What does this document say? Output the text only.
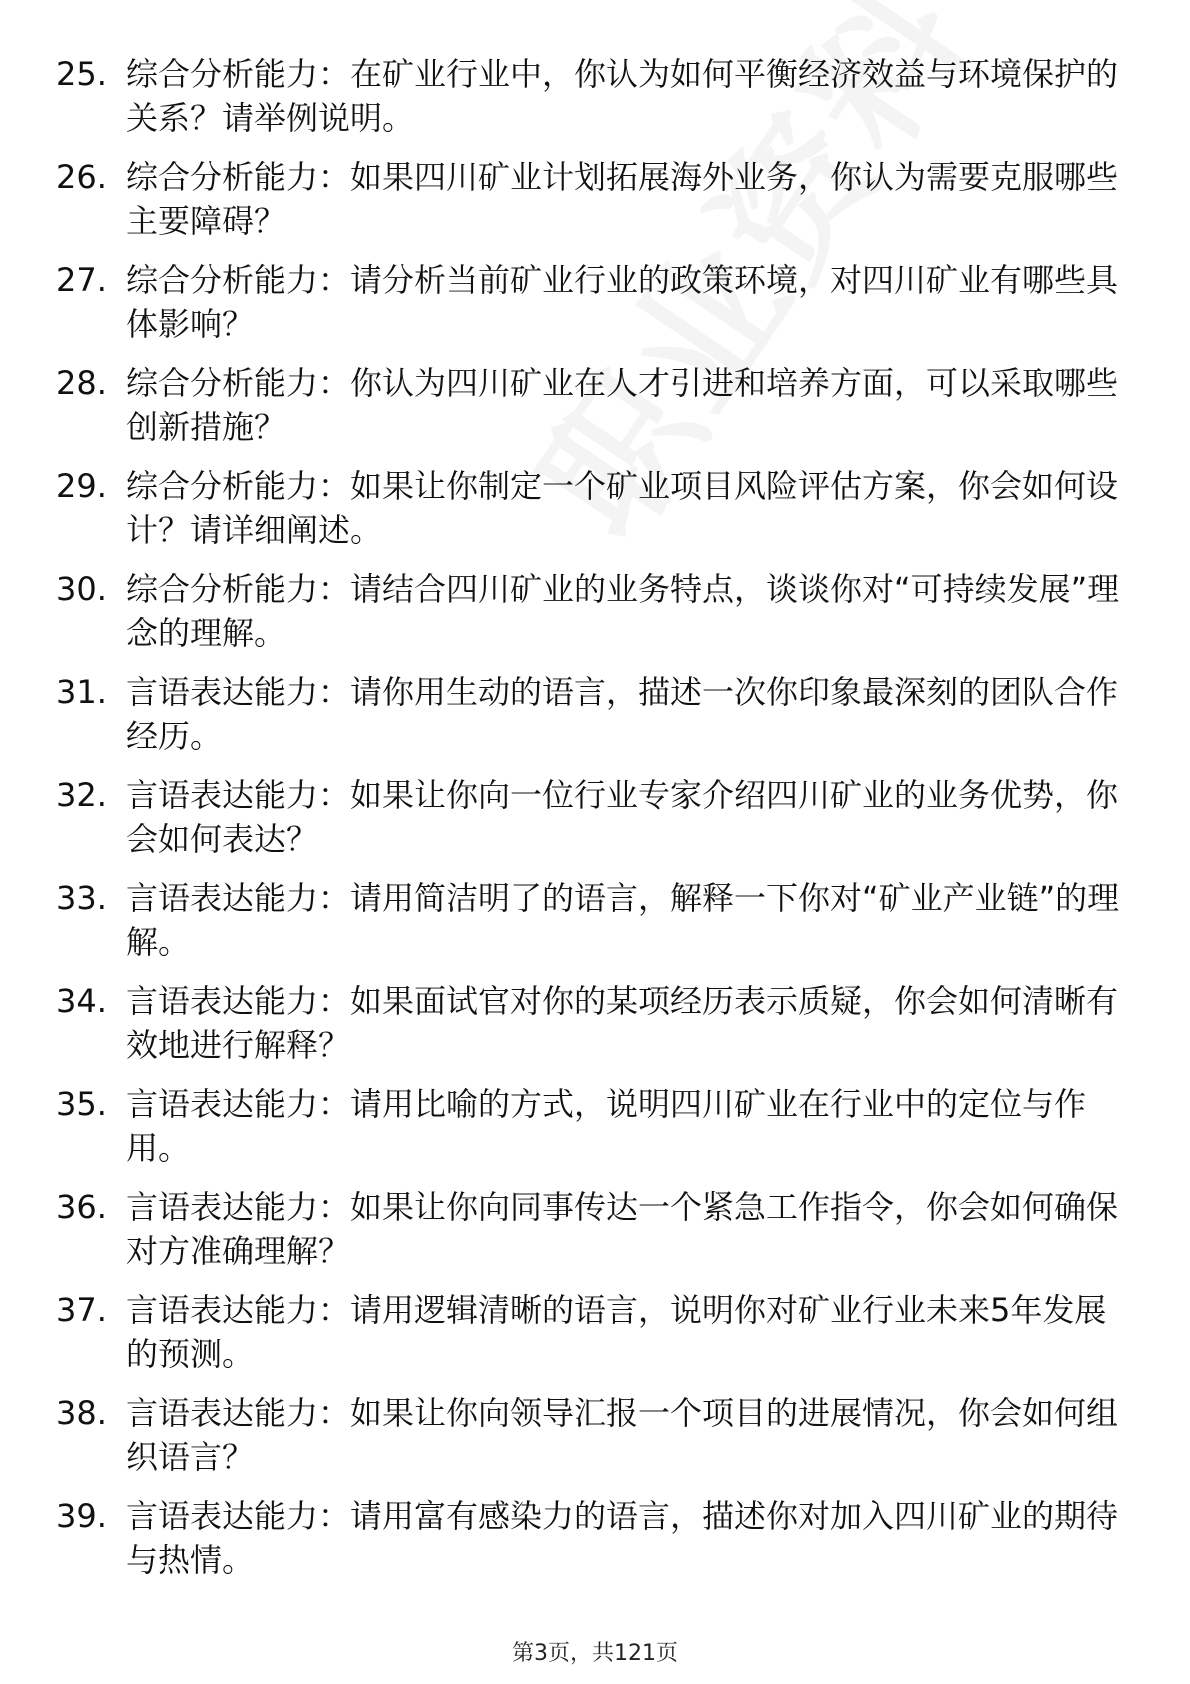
25. 综合分析能力：在矿业行业中，你认为如何平衡经济效益与环境保护的关系？请举例说明。
26. 综合分析能力：如果四川矿业计划拓展海外业务，你认为需要克服哪些主要障碍？
27. 综合分析能力：请分析当前矿业行业的政策环境，对四川矿业有哪些具体影响？
28. 综合分析能力：你认为四川矿业在人才引进和培养方面，可以采取哪些创新措施？
29. 综合分析能力：如果让你制定一个矿业项目风险评估方案，你会如何设计？请详细阐述。
30. 综合分析能力：请结合四川矿业的业务特点，谈谈你对“可持续发展”理念的理解。
31. 言语表达能力：请你用生动的语言，描述一次你印象最深刻的团队合作经历。
32. 言语表达能力：如果让你向一位行业专家介绍四川矿业的业务优势，你会如何表达？
33. 言语表达能力：请用简洁明了的语言，解释一下你对“矿业产业链”的理解。
34. 言语表达能力：如果面试官对你的某项经历表示质疑，你会如何清晰有效地进行解释？
35. 言语表达能力：请用比喻的方式，说明四川矿业在行业中的定位与作用。
36. 言语表达能力：如果让你向同事传达一个紧急工作指令，你会如何确保对方准确理解？
37. 言语表达能力：请用逻辑清晰的语言，说明你对矿业行业未来5年发展的预测。
38. 言语表达能力：如果让你向领导汇报一个项目的进展情况，你会如何组织语言？
39. 言语表达能力：请用富有感染力的语言，描述你对加入四川矿业的期待与热情。
第3页，共121页
